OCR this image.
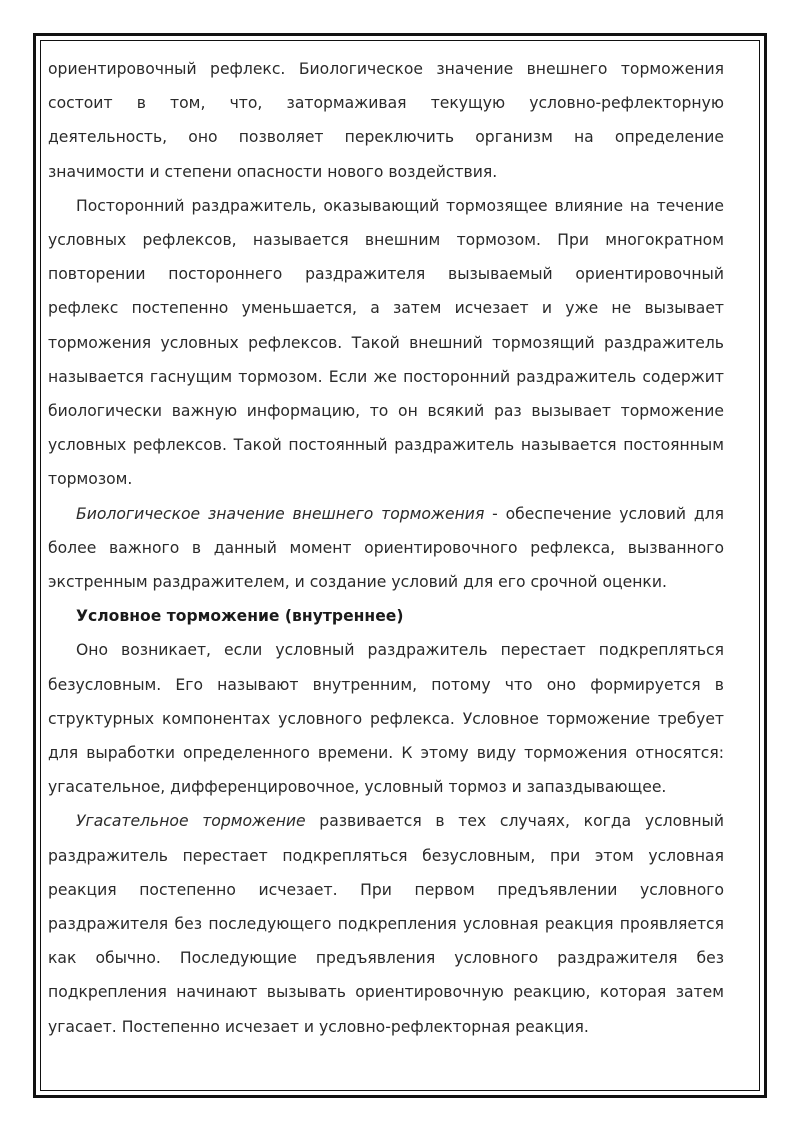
ориентировочный рефлекс. Биологическое значение внешнего торможения состоит в том, что, затормаживая текущую условно-рефлекторную деятельность, оно позволяет переключить организм на определение значимости и степени опасности нового воздействия.

Посторонний раздражитель, оказывающий тормозящее влияние на течение условных рефлексов, называется внешним тормозом. При многократном повторении постороннего раздражителя вызываемый ориентировочный рефлекс постепенно уменьшается, а затем исчезает и уже не вызывает торможения условных рефлексов. Такой внешний тормозящий раздражитель называется гаснущим тормозом. Если же посторонний раздражитель содержит биологически важную информацию, то он всякий раз вызывает торможение условных рефлексов. Такой постоянный раздражитель называется постоянным тормозом.

Биологическое значение внешнего торможения - обеспечение условий для более важного в данный момент ориентировочного рефлекса, вызванного экстренным раздражителем, и создание условий для его срочной оценки.

Условное торможение (внутреннее)

Оно возникает, если условный раздражитель перестает подкрепляться безусловным. Его называют внутренним, потому что оно формируется в структурных компонентах условного рефлекса. Условное торможение требует для выработки определенного времени. К этому виду торможения относятся: угасательное, дифференцировочное, условный тормоз и запаздывающее.

Угасательное торможение развивается в тех случаях, когда условный раздражитель перестает подкрепляться безусловным, при этом условная реакция постепенно исчезает. При первом предъявлении условного раздражителя без последующего подкрепления условная реакция проявляется как обычно. Последующие предъявления условного раздражителя без подкрепления начинают вызывать ориентировочную реакцию, которая затем угасает. Постепенно исчезает и условно-рефлекторная реакция.
